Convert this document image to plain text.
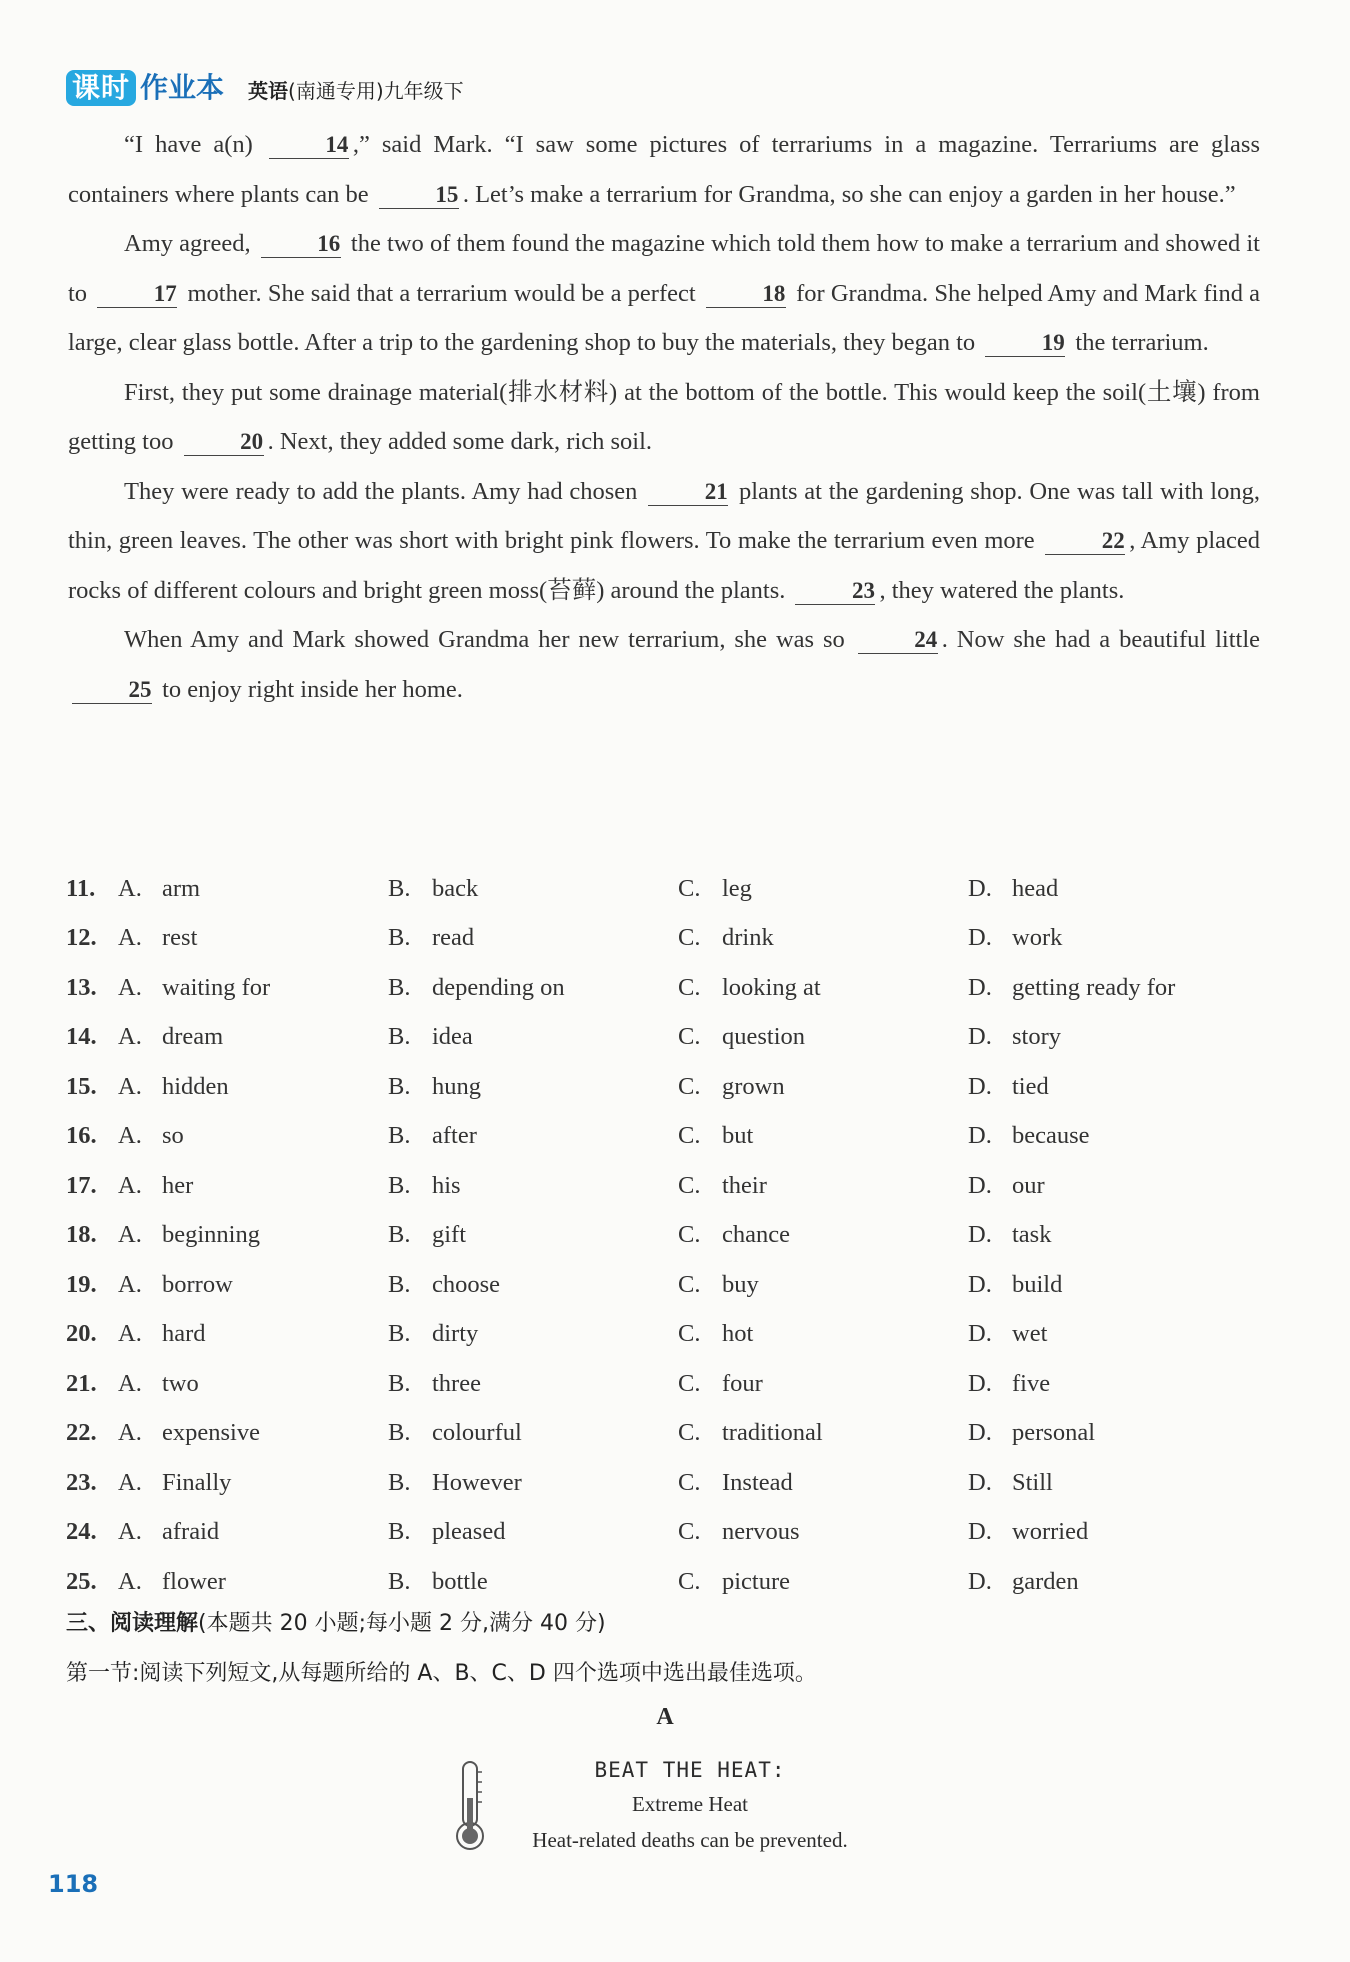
课时 作业本 英语(南通专用)九年级下

“I have a(n)	14 ,” said Mark. “I saw some pictures of terrariums in a magazine. Terrariums are glass containers where plants can be	15 . Let’s make a terrarium for Grandma, so she can enjoy a garden in her house.”

Amy agreed,	16 the two of them found the magazine which told them how to make a terrarium and showed it to	17 mother. She said that a terrarium would be a perfect	18 for Grandma. She helped Amy and Mark find a large, clear glass bottle. After a trip to the gardening shop to buy the materials, they began to	19 the terrarium.

First, they put some drainage material(排水材料) at the bottom of the bottle. This would keep the soil(土壤) from getting too	20 . Next, they added some dark, rich soil.

They were ready to add the plants. Amy had chosen	21 plants at the gardening shop. One was tall with long, thin, green leaves. The other was short with bright pink flowers. To make the terrarium even more	22 , Amy placed rocks of different colours and bright green moss(苔藓) around the plants.	23 , they watered the plants.

When Amy and Mark showed Grandma her new terrarium, she was so	24 . Now she had a beautiful little 25 to enjoy right inside her home.

11. A. arm	B. back	C. leg	D. head
12. A. rest	B. read	C. drink	D. work
13. A. waiting for	B. depending on	C. looking at	D. getting ready for
14. A. dream	B. idea	C. question	D. story
15. A. hidden	B. hung	C. grown	D. tied
16. A. so	B. after	C. but	D. because
17. A. her	B. his	C. their	D. our
18. A. beginning	B. gift	C. chance	D. task
19. A. borrow	B. choose	C. buy	D. build
20. A. hard	B. dirty	C. hot	D. wet
21. A. two	B. three	C. four	D. five
22. A. expensive	B. colourful	C. traditional	D. personal
23. A. Finally	B. However	C. Instead	D. Still
24. A. afraid	B. pleased	C. nervous	D. worried
25. A. flower	B. bottle	C. picture	D. garden
三、阅读理解(本题共 20 小题;每小题 2 分,满分 40 分)
第一节:阅读下列短文,从每题所给的 A、B、C、D 四个选项中选出最佳选项。
A
BEAT THE HEAT:
Extreme Heat
Heat-related deaths can be prevented.
118
